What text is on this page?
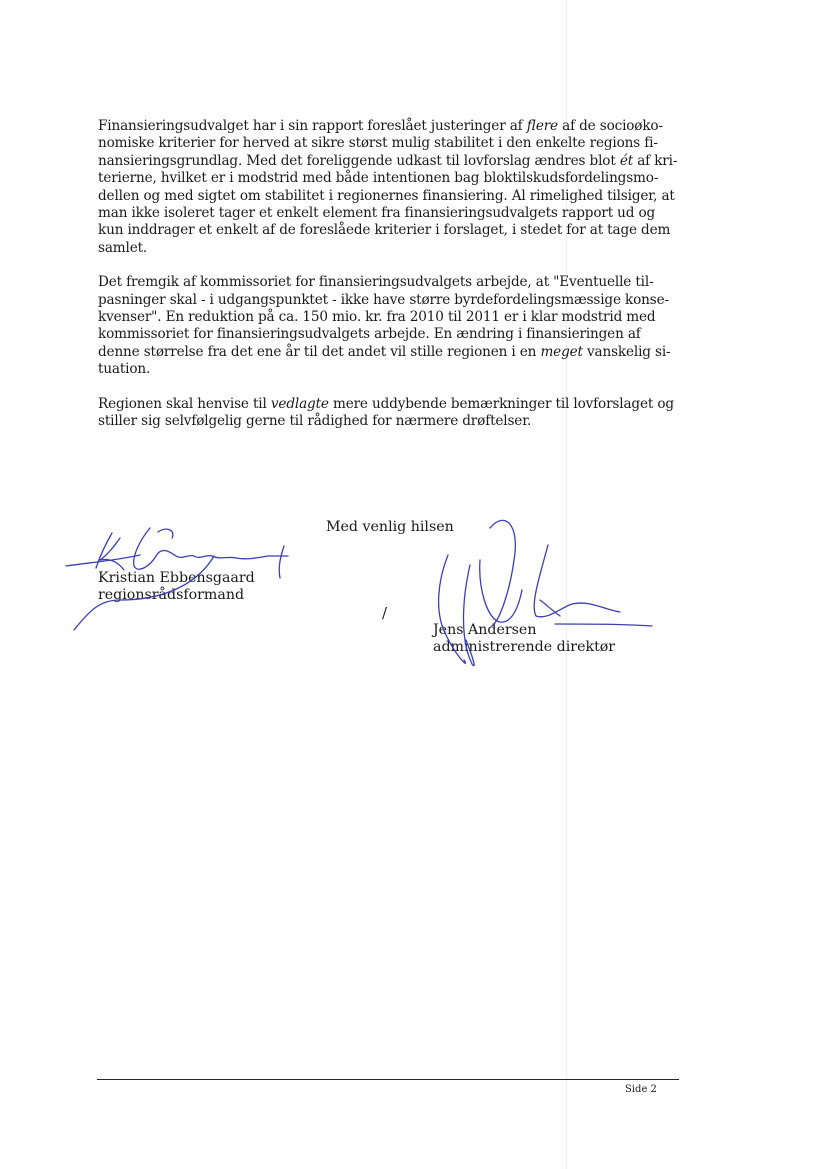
Finansieringsudvalget har i sin rapport foreslået justeringer af flere af de socioøko-
nomiske kriterier for herved at sikre størst mulig stabilitet i den enkelte regions fi-
nansieringsgrundlag. Med det foreliggende udkast til lovforslag ændres blot ét af kri-
terierne, hvilket er i modstrid med både intentionen bag bloktilskudsfordelingsmo-
dellen og med sigtet om stabilitet i regionernes finansiering. Al rimelighed tilsiger, at
man ikke isoleret tager et enkelt element fra finansieringsudvalgets rapport ud og
kun inddrager et enkelt af de foreslåede kriterier i forslaget, i stedet for at tage dem
samlet.

Det fremgik af kommissoriet for finansieringsudvalgets arbejde, at "Eventuelle til-
pasninger skal - i udgangspunktet - ikke have større byrdefordelingsmæssige konse-
kvenser". En reduktion på ca. 150 mio. kr. fra 2010 til 2011 er i klar modstrid med
kommissoriet for finansieringsudvalgets arbejde. En ændring i finansieringen af
denne størrelse fra det ene år til det andet vil stille regionen i en meget vanskelig si-
tuation.

Regionen skal henvise til vedlagte mere uddybende bemærkninger til lovforslaget og
stiller sig selvfølgelig gerne til rådighed for nærmere drøftelser.

Med venlig hilsen
Kristian Ebbensgaard
regionsrådsformand
/
Jens Andersen
administrerende direktør
Side 2
